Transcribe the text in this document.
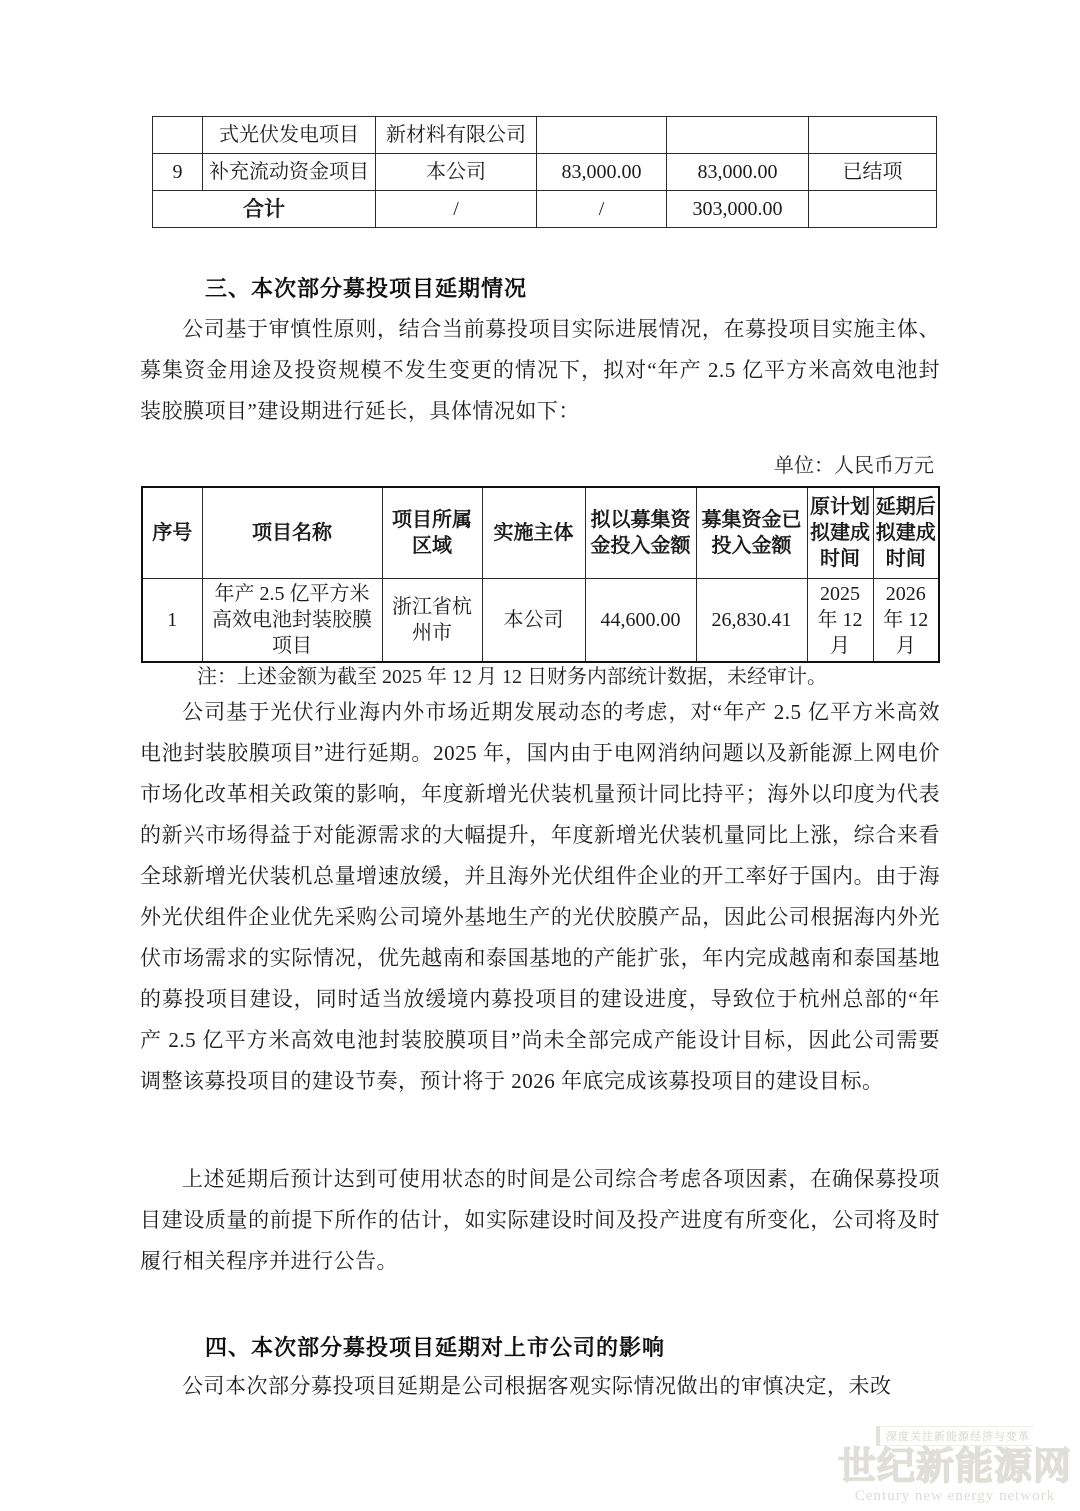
	式光伏发电项目	新材料有限公司			
9	补充流动资金项目	本公司	83,000.00	83,000.00	已结项
合计		/	/	303,000.00	
三、本次部分募投项目延期情况
公司基于审慎性原则，结合当前募投项目实际进展情况，在募投项目实施主体、募集资金用途及投资规模不发生变更的情况下，拟对“年产 2.5 亿平方米高效电池封装胶膜项目”建设期进行延长，具体情况如下：
单位：人民币万元
序号	项目名称	项目所属区域	实施主体	拟以募集资金投入金额	募集资金已投入金额	原计划拟建成时间	延期后拟建成时间
1	年产 2.5 亿平方米高效电池封装胶膜项目	浙江省杭州市	本公司	44,600.00	26,830.41	2025 年 12 月	2026 年 12 月
注：上述金额为截至 2025 年 12 月 12 日财务内部统计数据，未经审计。
公司基于光伏行业海内外市场近期发展动态的考虑，对“年产 2.5 亿平方米高效电池封装胶膜项目”进行延期。2025 年，国内由于电网消纳问题以及新能源上网电价市场化改革相关政策的影响，年度新增光伏装机量预计同比持平；海外以印度为代表的新兴市场得益于对能源需求的大幅提升，年度新增光伏装机量同比上涨，综合来看全球新增光伏装机总量增速放缓，并且海外光伏组件企业的开工率好于国内。由于海外光伏组件企业优先采购公司境外基地生产的光伏胶膜产品，因此公司根据海内外光伏市场需求的实际情况，优先越南和泰国基地的产能扩张，年内完成越南和泰国基地的募投项目建设，同时适当放缓境内募投项目的建设进度，导致位于杭州总部的“年产 2.5 亿平方米高效电池封装胶膜项目”尚未全部完成产能设计目标，因此公司需要调整该募投项目的建设节奏，预计将于 2026 年底完成该募投项目的建设目标。
上述延期后预计达到可使用状态的时间是公司综合考虑各项因素，在确保募投项目建设质量的前提下所作的估计，如实际建设时间及投产进度有所变化，公司将及时履行相关程序并进行公告。
四、本次部分募投项目延期对上市公司的影响
公司本次部分募投项目延期是公司根据客观实际情况做出的审慎决定，未改
深度关注新能源经济与变革
世纪新能源网
Century new energy network
